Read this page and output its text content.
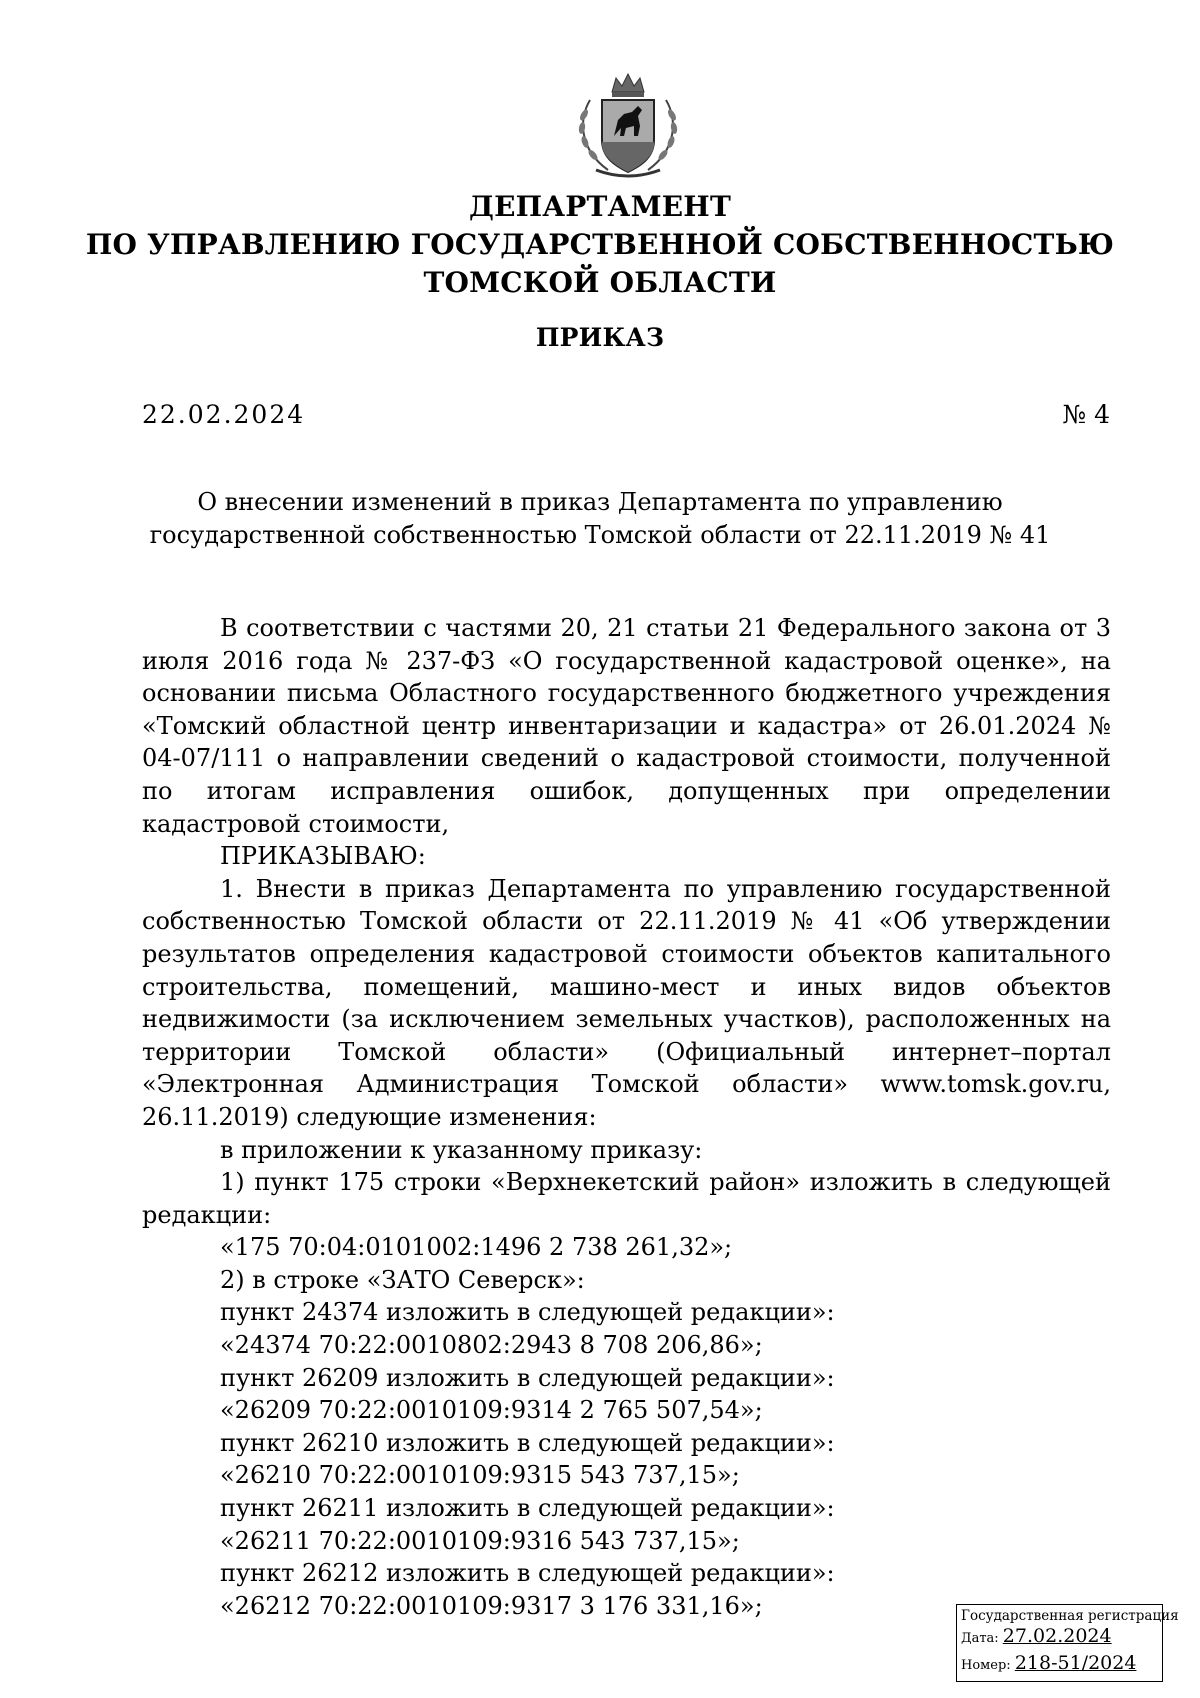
ДЕПАРТАМЕНТ
ПО УПРАВЛЕНИЮ ГОСУДАРСТВЕННОЙ СОБСТВЕННОСТЬЮ
ТОМСКОЙ ОБЛАСТИ
ПРИКАЗ
22.02.2024	№ 4
О внесении изменений в приказ Департамента по управлению государственной собственностью Томской области от 22.11.2019 № 41

В соответствии с частями 20, 21 статьи 21 Федерального закона от 3 июля 2016 года № 237-ФЗ «О государственной кадастровой оценке», на основании письма Областного государственного бюджетного учреждения «Томский областной центр инвентаризации и кадастра» от 26.01.2024 № 04-07/111 о направлении сведений о кадастровой стоимости, полученной по итогам исправления ошибок, допущенных при определении кадастровой стоимости,

ПРИКАЗЫВАЮ:

1. Внести в приказ Департамента по управлению государственной собственностью Томской области от 22.11.2019 № 41 «Об утверждении результатов определения кадастровой стоимости объектов капитального строительства, помещений, машино-мест и иных видов объектов недвижимости (за исключением земельных участков), расположенных на территории Томской области» (Официальный интернет–портал «Электронная Администрация Томской области» www.tomsk.gov.ru, 26.11.2019) следующие изменения:

в приложении к указанному приказу:

1) пункт 175 строки «Верхнекетский район» изложить в следующей редакции:

«175 70:04:0101002:1496 2 738 261,32»;

2) в строке «ЗАТО Северск»:

пункт 24374 изложить в следующей редакции»:

«24374 70:22:0010802:2943 8 708 206,86»;

пункт 26209 изложить в следующей редакции»:

«26209 70:22:0010109:9314 2 765 507,54»;

пункт 26210 изложить в следующей редакции»:

«26210 70:22:0010109:9315 543 737,15»;

пункт 26211 изложить в следующей редакции»:

«26211 70:22:0010109:9316 543 737,15»;

пункт 26212 изложить в следующей редакции»:

«26212 70:22:0010109:9317 3 176 331,16»;	Государственная регистрация
Дата: 27.02.2024
Номер: 218-51/2024
